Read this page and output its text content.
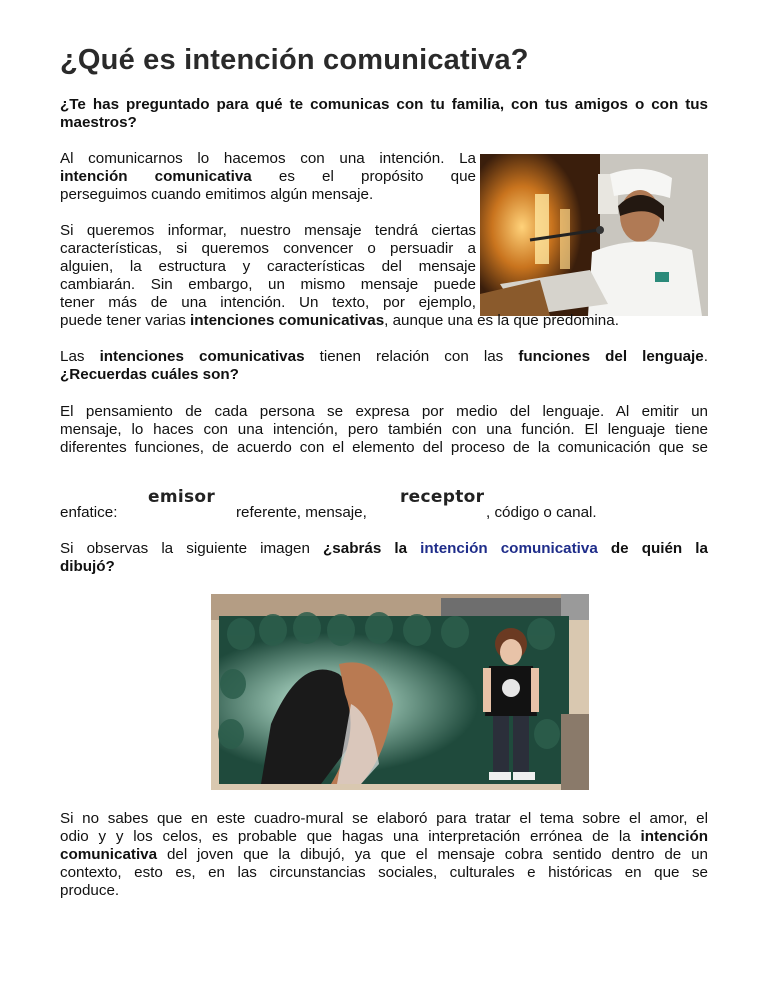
¿Qué es intención comunicativa?
¿Te has preguntado para qué te comunicas con tu familia, con tus amigos o con tus maestros?
Al comunicarnos lo hacemos con una intención. La
intención comunicativa es el propósito que
perseguimos cuando emitimos algún mensaje.
Si queremos informar, nuestro mensaje tendrá ciertas
características, si queremos convencer o persuadir a
alguien, la estructura y características del mensaje
cambiarán. Sin embargo, un mismo mensaje puede
tener más de una intención. Un texto, por ejemplo,
puede tener varias intenciones comunicativas, aunque una es la que predomina.
Las intenciones comunicativas tienen relación con las funciones del lenguaje.
¿Recuerdas cuáles son?
El pensamiento de cada persona se expresa por medio del lenguaje. Al emitir un
mensaje, lo haces con una intención, pero también con una función. El lenguaje tiene
diferentes funciones, de acuerdo con el elemento del proceso de la comunicación que se
enfatice:
emisor
referente, mensaje,
receptor
, código o canal.
Si observas la siguiente imagen ¿sabrás la intención comunicativa de quién la
dibujó?
Si no sabes que en este cuadro-mural se elaboró para tratar el tema sobre el amor, el
odio y y los celos, es probable que hagas una interpretación errónea de la intención
comunicativa del joven que la dibujó, ya que el mensaje cobra sentido dentro de un
contexto, esto es, en las circunstancias sociales, culturales e históricas en que se
produce.
